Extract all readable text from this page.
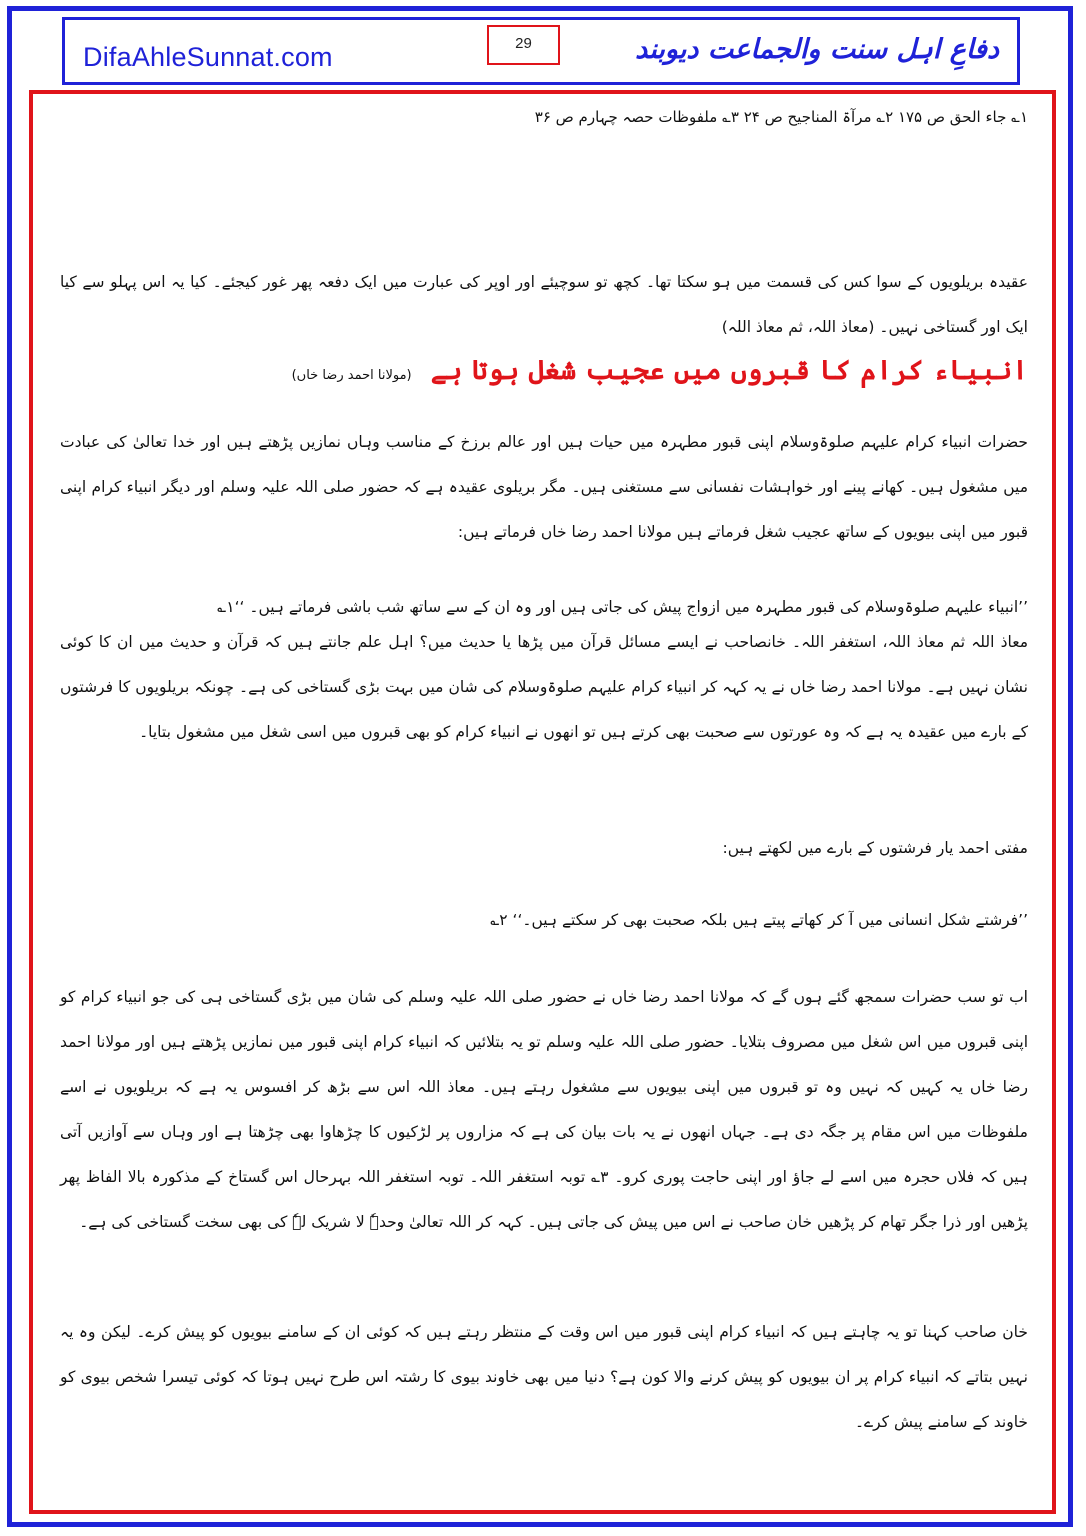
DifaAhleSunnat.com	29	دفاعِ اہل سنت والجماعت دیوبند
۱؎ جاء الحق ص ۱۷۵ ۲؎ مرآۃ المناجیح ص ۲۴ ۳؎ ملفوظات حصہ چہارم ص ۳۶
عقیدہ بریلویوں کے سوا کس کی قسمت میں ہو سکتا تھا۔ کچھ تو سوچیئے اور اوپر کی عبارت میں ایک دفعہ پھر غور کیجئے۔ کیا یہ اس پہلو سے کیا ایک اور گستاخی نہیں۔ (معاذ اللہ، ثم معاذ اللہ)
انبیاء کرام کا قبروں میں عجیب شغل ہوتا ہے (مولانا احمد رضا خاں)
حضرات انبیاء کرام علیہم صلوۃوسلام اپنی قبور مطہرہ میں حیات ہیں اور عالم برزخ کے مناسب وہاں نمازیں پڑھتے ہیں اور خدا تعالیٰ کی عبادت میں مشغول ہیں۔ کھانے پینے اور خواہشات نفسانی سے مستغنی ہیں۔ مگر بریلوی عقیدہ ہے کہ حضور صلی اللہ علیہ وسلم اور دیگر انبیاء کرام اپنی قبور میں اپنی بیویوں کے ساتھ عجیب شغل فرماتے ہیں مولانا احمد رضا خاں فرماتے ہیں:
’’انبیاء علیہم صلوۃوسلام کی قبور مطہرہ میں ازواج پیش کی جاتی ہیں اور وہ ان کے سے ساتھ شب باشی فرماتے ہیں۔ ‘‘۱؎
معاذ اللہ ثم معاذ اللہ، استغفر اللہ۔ خانصاحب نے ایسے مسائل قرآن میں پڑھا یا حدیث میں؟ اہل علم جانتے ہیں کہ قرآن و حدیث میں ان کا کوئی نشان نہیں ہے۔ مولانا احمد رضا خاں نے یہ کہہ کر انبیاء کرام علیہم صلوۃوسلام کی شان میں بہت بڑی گستاخی کی ہے۔ چونکہ بریلویوں کا فرشتوں کے بارے میں عقیدہ یہ ہے کہ وہ عورتوں سے صحبت بھی کرتے ہیں تو انھوں نے انبیاء کرام کو بھی قبروں میں اسی شغل میں مشغول بتایا۔
مفتی احمد یار فرشتوں کے بارے میں لکھتے ہیں:
’’فرشتے شکل انسانی میں آ کر کھاتے پیتے ہیں بلکہ صحبت بھی کر سکتے ہیں۔‘‘ ۲؎
اب تو سب حضرات سمجھ گئے ہوں گے کہ مولانا احمد رضا خاں نے حضور صلی اللہ علیہ وسلم کی شان میں بڑی گستاخی ہی کی جو انبیاء کرام کو اپنی قبروں میں اس شغل میں مصروف بتلایا۔ حضور صلی اللہ علیہ وسلم تو یہ بتلائیں کہ انبیاء کرام اپنی قبور میں نمازیں پڑھتے ہیں اور مولانا احمد رضا خاں یہ کہیں کہ نہیں وہ تو قبروں میں اپنی بیویوں سے مشغول رہتے ہیں۔ معاذ اللہ اس سے بڑھ کر افسوس یہ ہے کہ بریلویوں نے اسے ملفوظات میں اس مقام پر جگہ دی ہے۔ جہاں انھوں نے یہ بات بیان کی ہے کہ مزاروں پر لڑکیوں کا چڑھاوا بھی چڑھتا ہے اور وہاں سے آوازیں آتی ہیں کہ فلاں حجرہ میں اسے لے جاؤ اور اپنی حاجت پوری کرو۔ ۳؎ توبہ استغفر اللہ۔ توبہ استغفر اللہ بہرحال اس گستاخ کے مذکورہ بالا الفاظ پھر پڑھیں اور ذرا جگر تھام کر پڑھیں خان صاحب نے اس میں پیش کی جاتی ہیں۔ کہہ کر اللہ تعالیٰ وحدہٗ لا شریک لہٗ کی بھی سخت گستاخی کی ہے۔
خان صاحب کہنا تو یہ چاہتے ہیں کہ انبیاء کرام اپنی قبور میں اس وقت کے منتظر رہتے ہیں کہ کوئی ان کے سامنے بیویوں کو پیش کرے۔ لیکن وہ یہ نہیں بتاتے کہ انبیاء کرام پر ان بیویوں کو پیش کرنے والا کون ہے؟ دنیا میں بھی خاوند بیوی کا رشتہ اس طرح نہیں ہوتا کہ کوئی تیسرا شخص بیوی کو خاوند کے سامنے پیش کرے۔
